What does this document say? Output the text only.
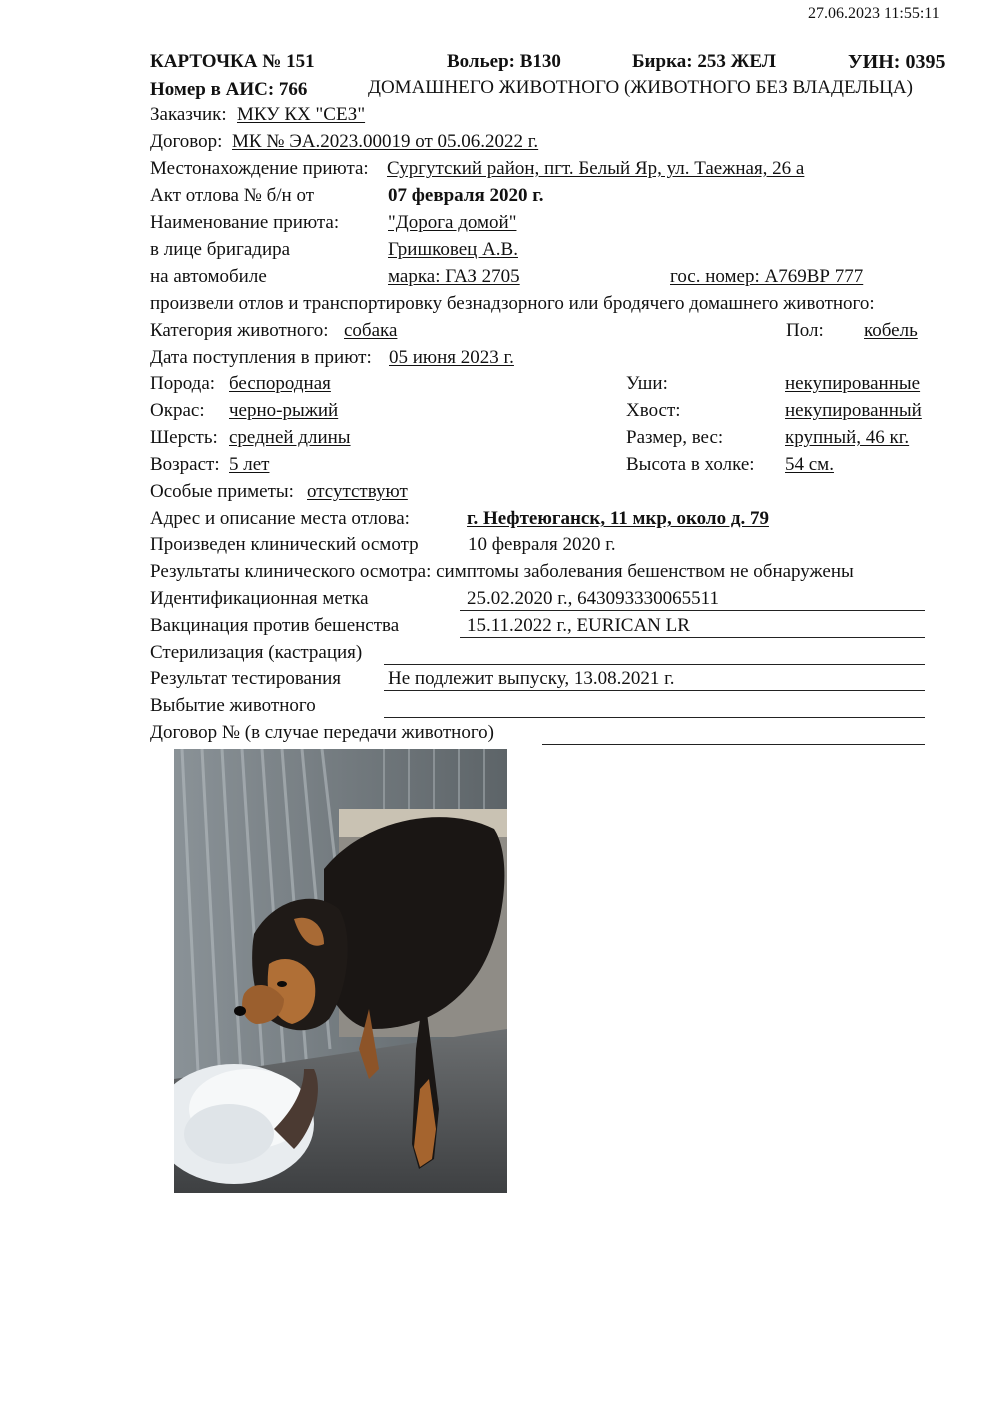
27.06.2023 11:55:11
КАРТОЧКА № 151	Вольер: В130	Бирка: 253 ЖЕЛ	УИН: 0395
Номер в АИС: 766	ДОМАШНЕГО ЖИВОТНОГО (ЖИВОТНОГО БЕЗ ВЛАДЕЛЬЦА)
Заказчик: МКУ КХ "СЕЗ"
Договор: МК № ЭА.2023.00019 от 05.06.2022 г.
Местонахождение приюта: Сургутский район, пгт. Белый Яр, ул. Таежная, 26 а
Акт отлова № б/н от	07 февраля 2020 г.
Наименование приюта:	"Дорога домой"
в лице бригадира	Гришковец А.В.
на автомобиле	марка: ГАЗ 2705	гос. номер: А769ВР 777
произвели отлов и транспортировку безнадзорного или бродячего домашнего животного:
Категория животного: собака	Пол: кобель
Дата поступления в приют: 05 июня 2023 г.
Порода: беспородная	Уши:	некупированные
Окрас: черно-рыжий	Хвост:	некупированный
Шерсть: средней длины	Размер, вес:	крупный, 46 кг.
Возраст: 5 лет	Высота в холке: 54 см.
Особые приметы: отсутствуют
Адрес и описание места отлова:	г. Нефтеюганск, 11 мкр, около д. 79
Произведен клинический осмотр	10 февраля 2020 г.
Результаты клинического осмотра: симптомы заболевания бешенством не обнаружены
Идентификационная метка	25.02.2020 г., 643093330065511
Вакцинация против бешенства	15.11.2022 г., EURICAN LR
Стерилизация (кастрация)
Результат тестирования Не подлежит выпуску, 13.08.2021 г.
Выбытие животного
Договор № (в случае передачи животного)
